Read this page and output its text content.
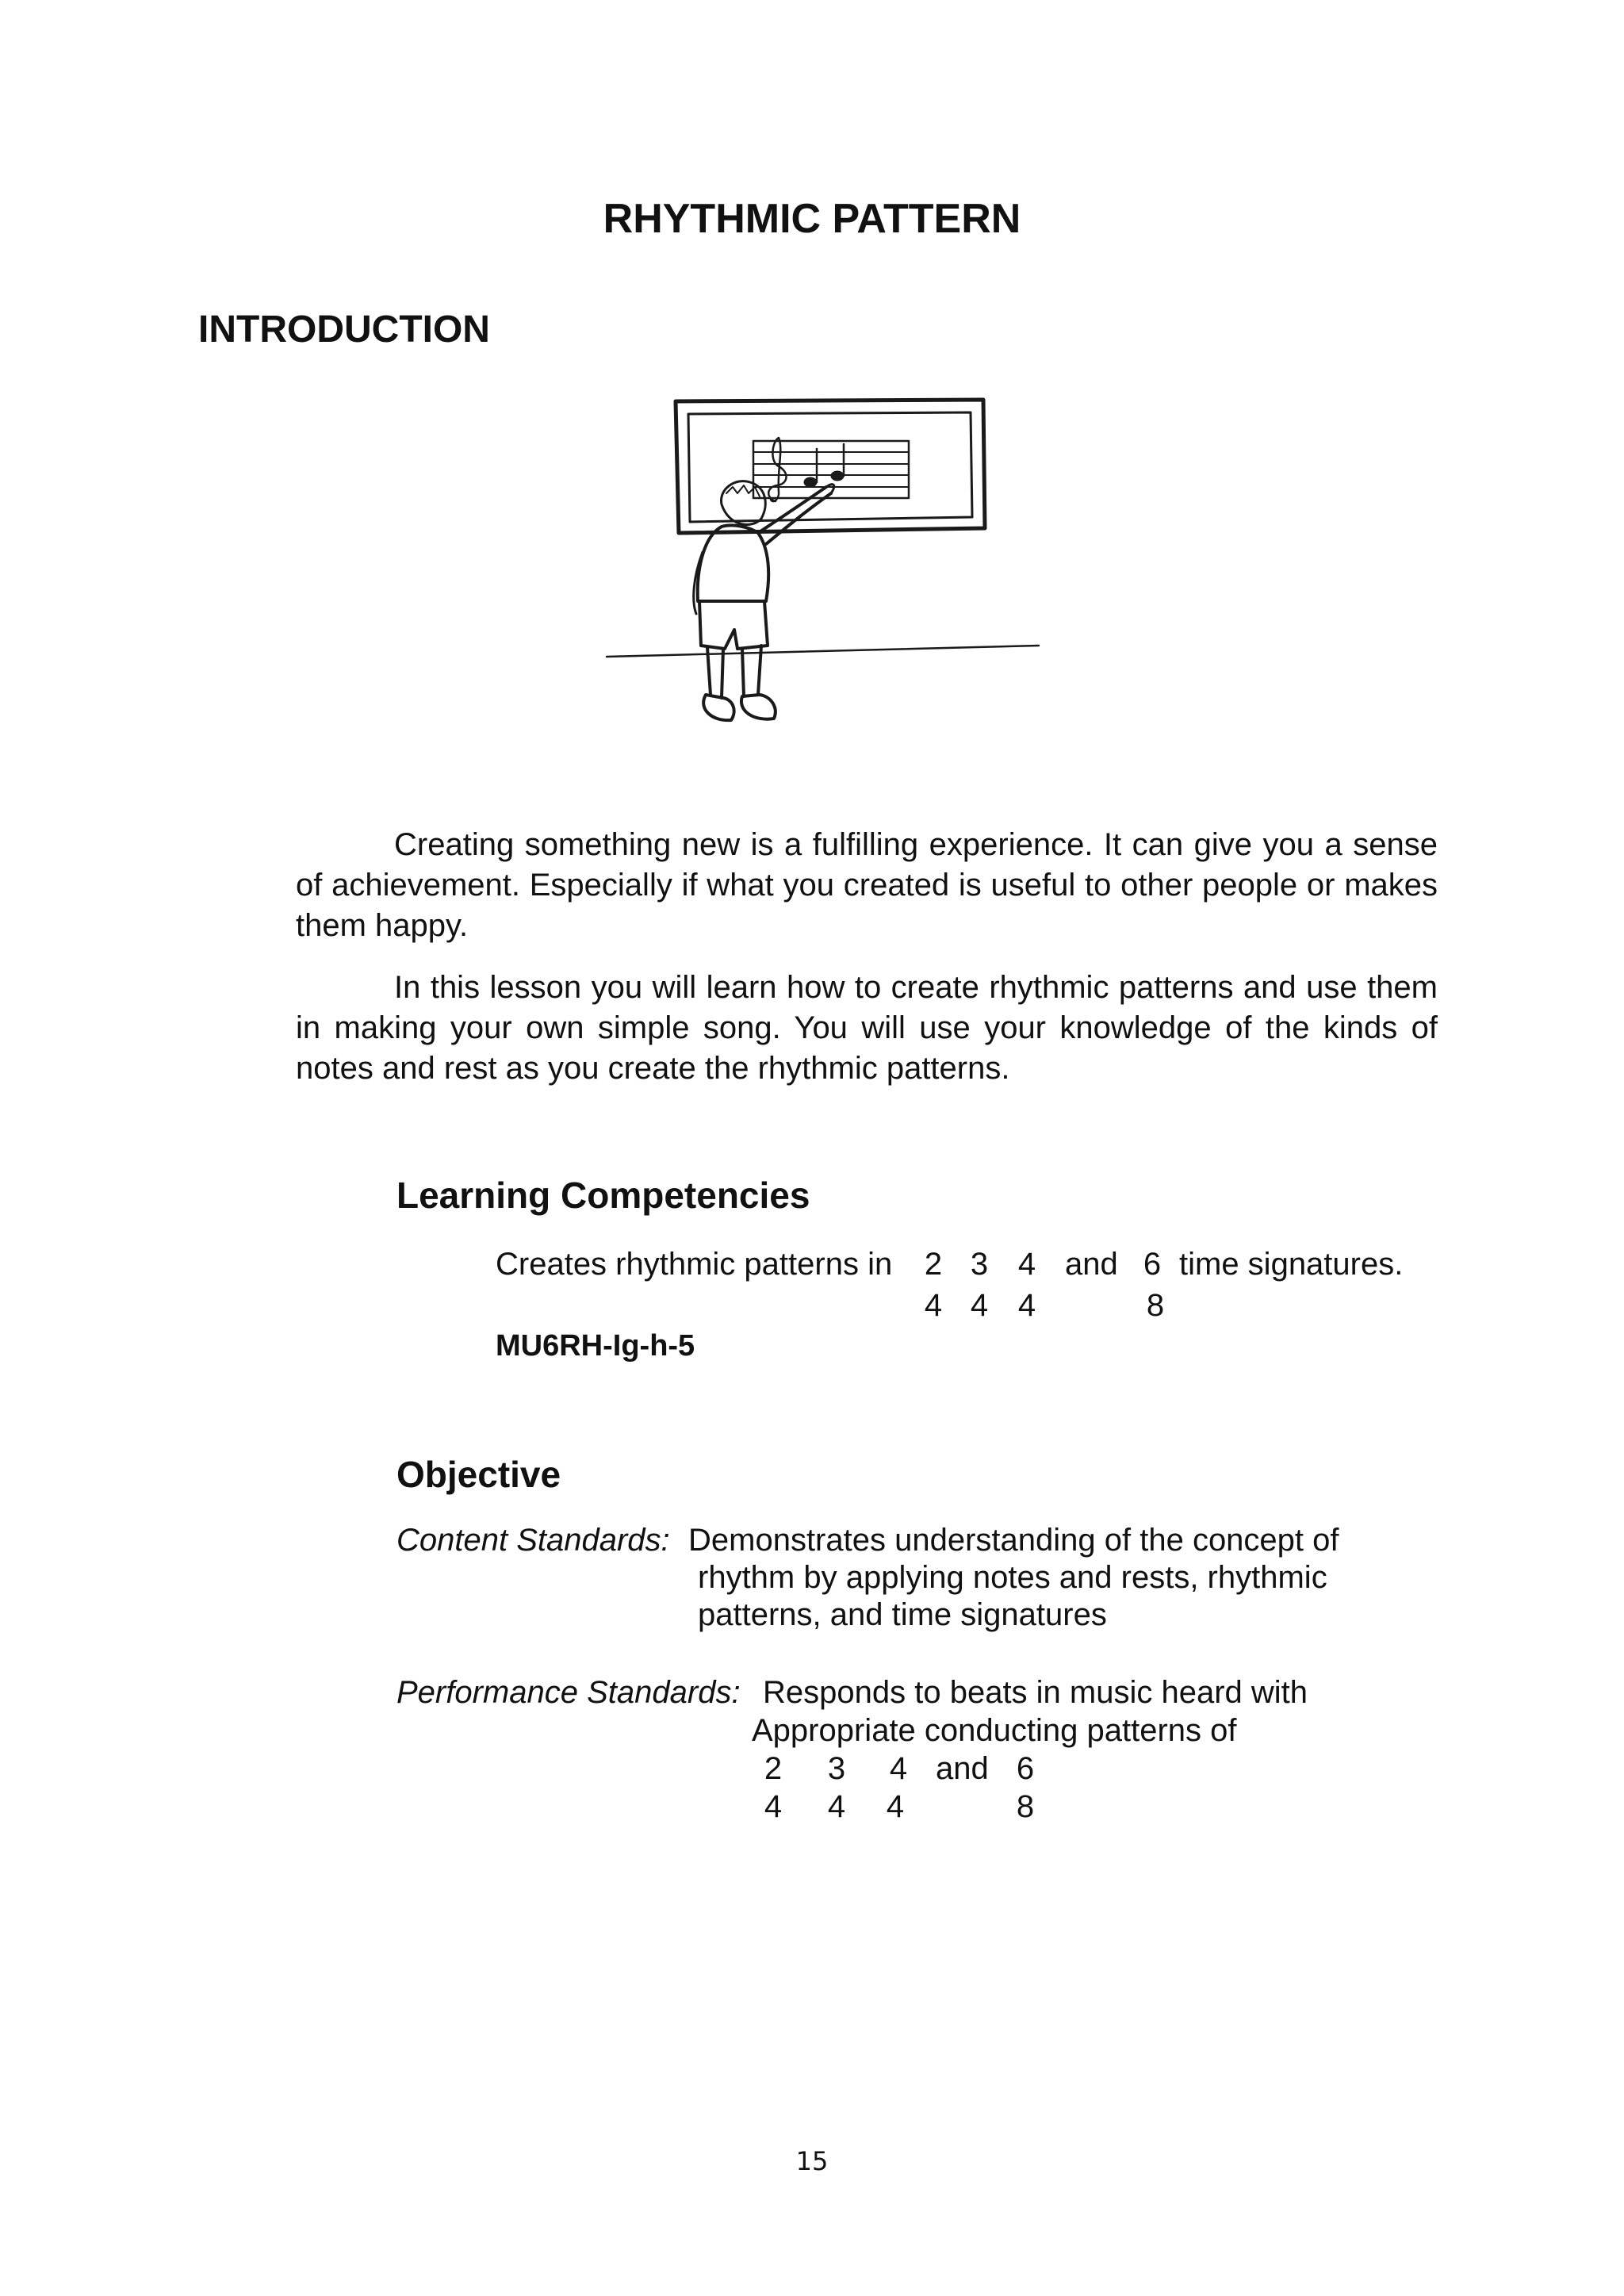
RHYTHMIC PATTERN
INTRODUCTION

Creating something new is a fulfilling experience. It can give you a sense of achievement. Especially if what you created is useful to other people or makes them happy.

In this lesson you will learn how to create rhythmic patterns and use them in making your own simple song. You will use your knowledge of the kinds of notes and rest as you create the rhythmic patterns.

Learning Competencies
Creates rhythmic patterns in 2
4
3
4
4
4
and 6
8
time signatures.
MU6RH-Ig-h-5
Objective
Content Standards: Demonstrates understanding of the concept of
rhythm by applying notes and rests, rhythmic
patterns, and time signatures
Performance Standards: Responds to beats in music heard with
Appropriate conducting patterns of
2
4
3
4
4
4
and 6
8
15
